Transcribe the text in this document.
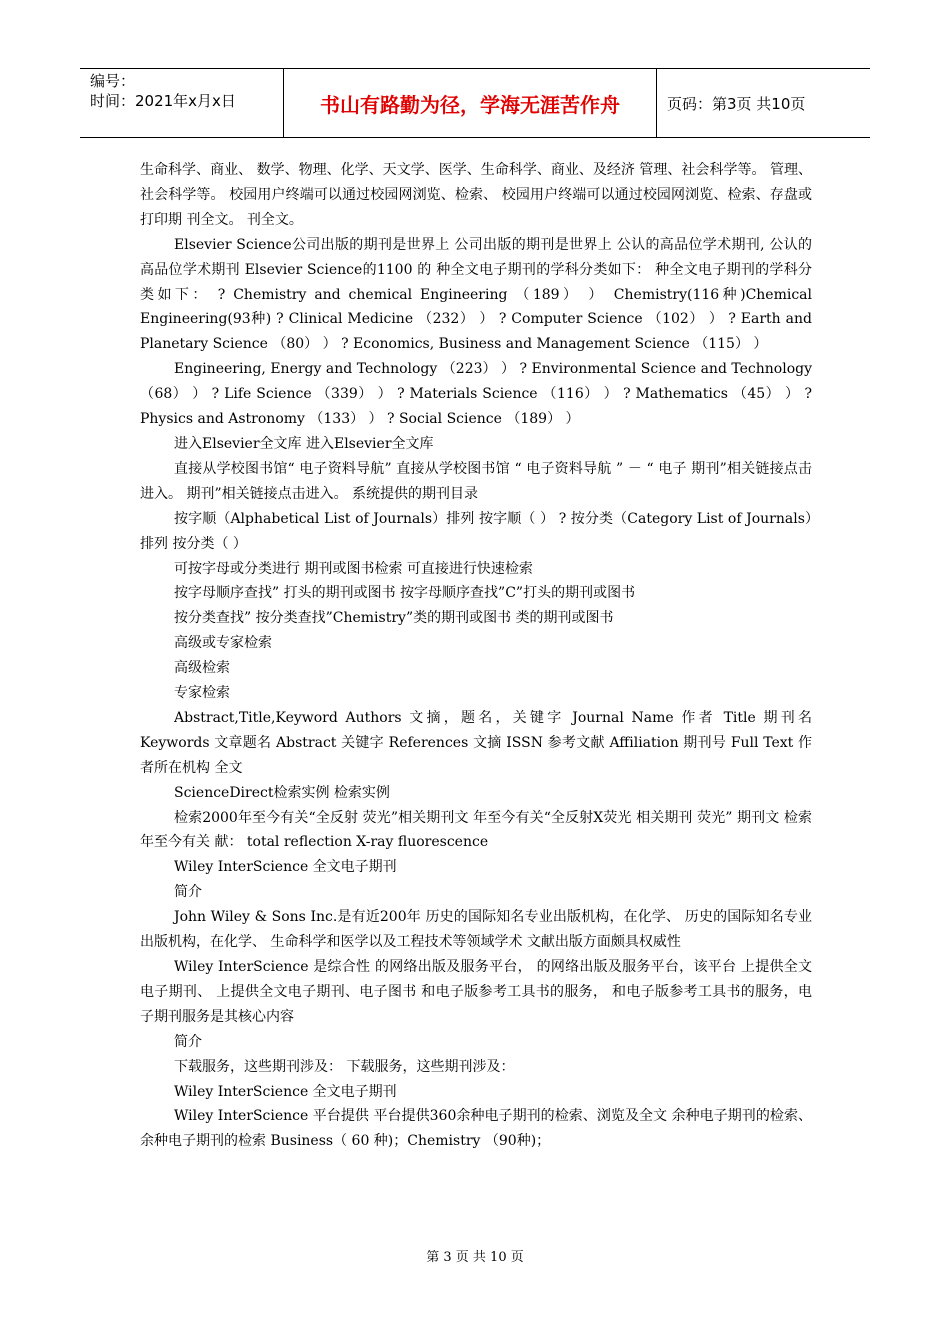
编号：
时间：2021年x月x日	书山有路勤为径，学海无涯苦作舟	页码：第3页 共10页

生命科学、商业、 数学、物理、化学、天文学、医学、生命科学、商业、及经济 管理、社会科学等。 管理、社会科学等。 校园用户终端可以通过校园网浏览、检索、 校园用户终端可以通过校园网浏览、检索、存盘或打印期 刊全文。 刊全文。

Elsevier Science公司出版的期刊是世界上 公司出版的期刊是世界上 公认的高品位学术期刊, 公认的高品位学术期刊 Elsevier Science的1100 的 种全文电子期刊的学科分类如下： 种全文电子期刊的学科分类如下： ? Chemistry and chemical Engineering （189） ） Chemistry(116种)Chemical Engineering(93种) ? Clinical Medicine （232） ） ? Computer Science （102） ） ? Earth and Planetary Science （80） ） ? Economics, Business and Management Science （115） ）

Engineering, Energy and Technology （223） ） ? Environmental Science and Technology （68） ） ? Life Science （339） ） ? Materials Science （116） ） ? Mathematics （45） ） ? Physics and Astronomy （133） ） ? Social Science （189） ）

进入Elsevier全文库 进入Elsevier全文库

直接从学校图书馆“ 电子资料导航” 直接从学校图书馆 “ 电子资料导航 ” － “ 电子 期刊”相关链接点击进入。 期刊”相关链接点击进入。 系统提供的期刊目录

按字顺（Alphabetical List of Journals）排列 按字顺（ ） ? 按分类（Category List of Journals）排列 按分类（ ）

可按字母或分类进行 期刊或图书检索 可直接进行快速检索

按字母顺序查找” 打头的期刊或图书 按字母顺序查找”C”打头的期刊或图书

按分类查找” 按分类查找”Chemistry”类的期刊或图书 类的期刊或图书

高级或专家检索

高级检索

专家检索

Abstract,Title,Keyword Authors 文摘，题名，关键字 Journal Name 作者 Title 期刊名 Keywords 文章题名 Abstract 关键字 References 文摘 ISSN 参考文献 Affiliation 期刊号 Full Text 作者所在机构 全文

ScienceDirect检索实例 检索实例

检索2000年至今有关“全反射 荧光”相关期刊文 年至今有关“全反射X荧光 相关期刊 荧光” 期刊文 检索 年至今有关 献： total reflection X-ray fluorescence

Wiley InterScience 全文电子期刊

简介

John Wiley & Sons Inc.是有近200年 历史的国际知名专业出版机构，在化学、 历史的国际知名专业出版机构，在化学、 生命科学和医学以及工程技术等领域学术 文献出版方面颇具权威性

Wiley InterScience 是综合性 的网络出版及服务平台， 的网络出版及服务平台，该平台 上提供全文电子期刊、 上提供全文电子期刊、电子图书 和电子版参考工具书的服务， 和电子版参考工具书的服务，电 子期刊服务是其核心内容

简介

下载服务，这些期刊涉及： 下载服务，这些期刊涉及：

Wiley InterScience 全文电子期刊

Wiley InterScience 平台提供 平台提供360余种电子期刊的检索、浏览及全文 余种电子期刊的检索、 余种电子期刊的检索 Business（ 60 种)；Chemistry （90种)；

第 3 页 共 10 页
